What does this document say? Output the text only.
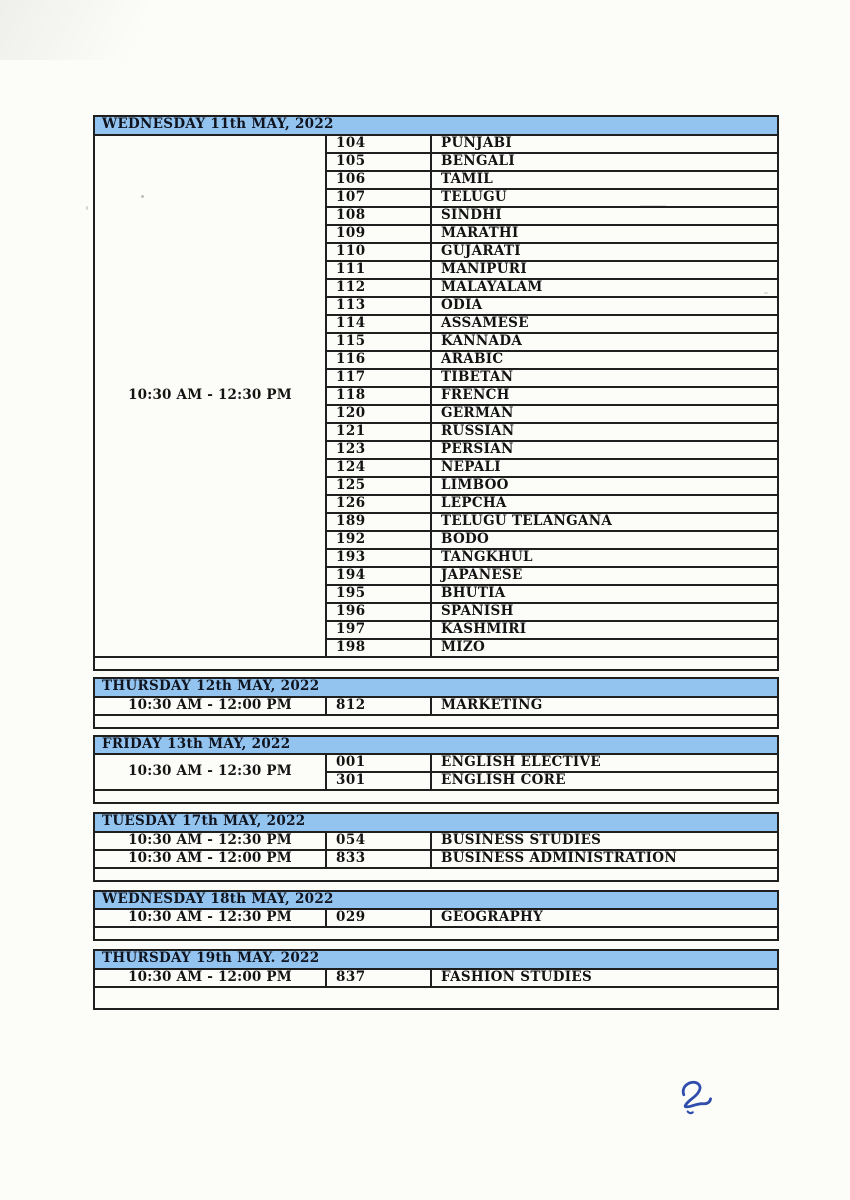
WEDNESDAY 11th MAY, 2022		
10:30 AM - 12:30 PM	104	PUNJABI
	105	BENGALI
	106	TAMIL
	107	TELUGU
	108	SINDHI
	109	MARATHI
	110	GUJARATI
	111	MANIPURI
	112	MALAYALAM
	113	ODIA
	114	ASSAMESE
	115	KANNADA
	116	ARABIC
	117	TIBETAN
	118	FRENCH
	120	GERMAN
	121	RUSSIAN
	123	PERSIAN
	124	NEPALI
	125	LIMBOO
	126	LEPCHA
	189	TELUGU TELANGANA
	192	BODO
	193	TANGKHUL
	194	JAPANESE
	195	BHUTIA
	196	SPANISH
	197	KASHMIRI
	198	MIZO

THURSDAY 12th MAY, 2022
10:30 AM - 12:00 PM	812	MARKETING

FRIDAY 13th MAY, 2022		
10:30 AM - 12:30 PM	001	ENGLISH ELECTIVE
	301	ENGLISH CORE

TUESDAY 17th MAY, 2022		
10:30 AM - 12:30 PM	054	BUSINESS STUDIES
10:30 AM - 12:00 PM	833	BUSINESS ADMINISTRATION

WEDNESDAY 18th MAY, 2022
10:30 AM - 12:30 PM	029	GEOGRAPHY

THURSDAY 19th MAY. 2022
10:30 AM - 12:00 PM	837	FASHION STUDIES
